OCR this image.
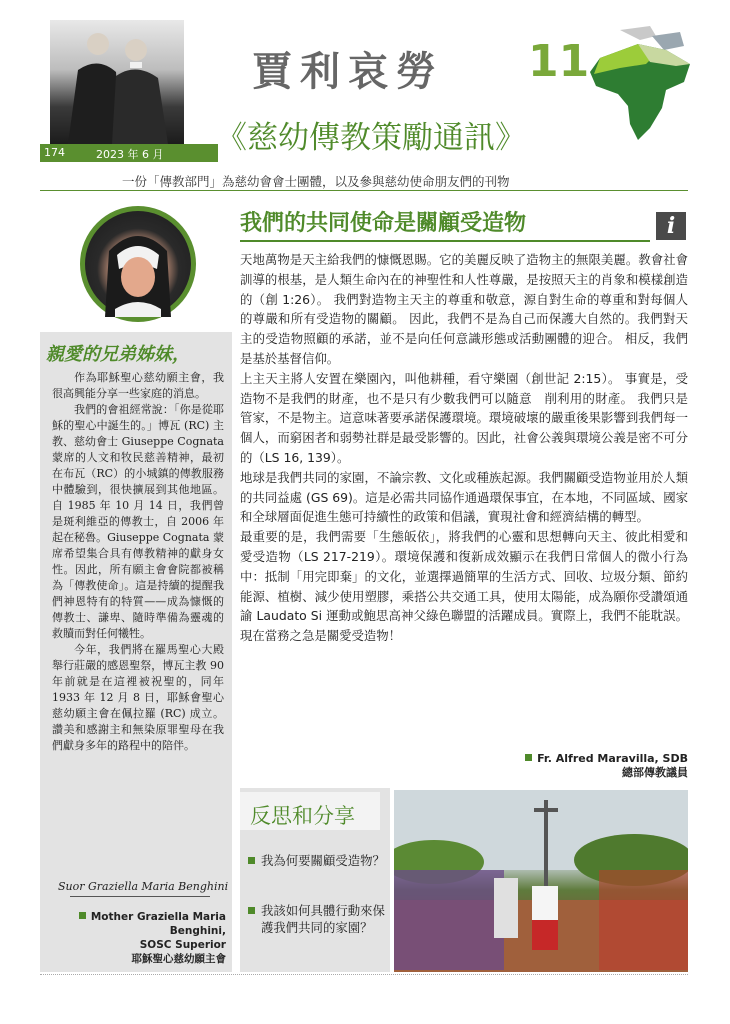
174	2023 年 6 月
賈利哀勞 11
《慈幼傳教策勵通訊》
一份「傳教部門」為慈幼會會士團體，以及參與慈幼使命朋友們的刊物
親愛的兄弟姊妹，

作為耶穌聖心慈幼願主會，我很高興能分享一些家庭的消息。

我們的會祖經常說：「你是從耶穌的聖心中誕生的。」博瓦 (RC) 主教、慈幼會士 Giuseppe Cognata 蒙席的人文和牧民慈善精神，最初在布瓦（RC）的小城鎮的傳教服務中體驗到，很快擴展到其他地區。自 1985 年 10 月 14 日，我們曾是斑利維亞的傳教士，自 2006 年起在秘魯。Giuseppe Cognata 蒙席希望集合具有傳教精神的獻身女性。因此，所有願主會會院都被稱為「傳教使命」。這是持續的提醒我們神恩特有的特質——成為慷慨的傳教士、謙卑、隨時準備為靈魂的救贖而對任何犧牲。

今年，我們將在羅馬聖心大殿舉行莊嚴的感恩聖祭，博瓦主教 90 年前就是在這裡被祝聖的，同年 1933 年 12 月 8 日，耶穌會聖心慈幼願主會在佩拉羅 (RC) 成立。讚美和感謝主和無染原罪聖母在我們獻身多年的路程中的陪伴。

Suor Graziella Maria Benghini
Mother Graziella Maria Benghini,
SOSC Superior
耶穌聖心慈幼願主會
我們的共同使命是關顧受造物	i

天地萬物是天主給我們的慷慨恩賜。它的美麗反映了造物主的無限美麗。教會社會訓導的根基，是人類生命內在的神聖性和人性尊嚴，是按照天主的肖象和模樣創造的（創 1:26）。 我們對造物主天主的尊重和敬意，源自對生命的尊重和對每個人的尊嚴和所有受造物的關顧。 因此，我們不是為自己而保護大自然的。我們對天主的受造物照顧的承諾，並不是向任何意識形態或活動團體的迎合。 相反，我們是基於基督信仰。

上主天主將人安置在樂園內，叫他耕種，看守樂園（創世記 2:15）。 事實是，受造物不是我們的財產，也不是只有少數我們可以隨意　削利用的財產。 我們只是管家，不是物主。這意味著要承諾保護環境。環境破壞的嚴重後果影響到我們每一個人，而窮困者和弱勢社群是最受影響的。因此，社會公義與環境公義是密不可分的（LS 16, 139）。

地球是我們共同的家園，不論宗教、文化或種族起源。我們關顧受造物並用於人類的共同益處 (GS 69)。這是必需共同協作通過環保事宜，在本地，不同區域、國家和全球層面促進生態可持續性的政策和倡議，實現社會和經濟結構的轉型。

最重要的是，我們需要「生態皈依」，將我們的心靈和思想轉向天主、彼此相愛和愛受造物（LS 217-219）。環境保護和復新成效顯示在我們日常個人的微小行為中：抵制「用完即棄」的文化，並選擇過簡單的生活方式、回收、垃圾分類、節約能源、植樹、減少使用塑膠，乘搭公共交通工具，使用太陽能，成為願你受讚頌通諭 Laudato Si 運動或鮑思高神父綠色聯盟的活躍成員。實際上，我們不能耽誤。現在當務之急是關愛受造物！

Fr. Alfred Maravilla, SDB
總部傳教議員
反思和分享
我為何要關顧受造物？
我該如何具體行動來保護我們共同的家園？
